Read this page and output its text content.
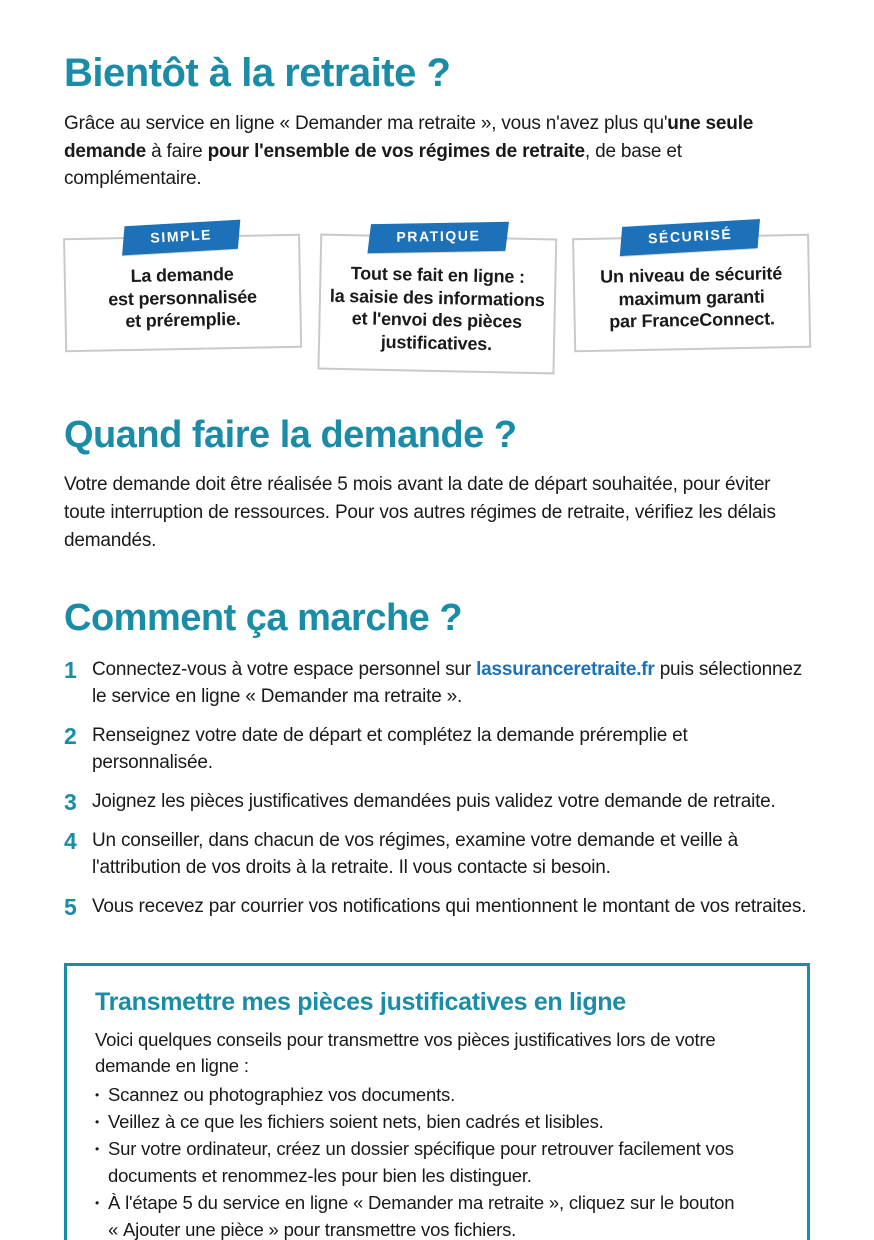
Bientôt à la retraite ?

Grâce au service en ligne « Demander ma retraite », vous n'avez plus qu'une seule demande à faire pour l'ensemble de vos régimes de retraite, de base et complémentaire.

SIMPLE
La demande
est personnalisée
et préremplie.
PRATIQUE
Tout se fait en ligne :
la saisie des informations
et l'envoi des pièces
justificatives.
SÉCURISÉ
Un niveau de sécurité
maximum garanti
par FranceConnect.
Quand faire la demande ?

Votre demande doit être réalisée 5 mois avant la date de départ souhaitée, pour éviter toute interruption de ressources. Pour vos autres régimes de retraite, vérifiez les délais demandés.

Comment ça marche ?
1 Connectez-vous à votre espace personnel sur lassuranceretraite.fr puis sélectionnez le service en ligne « Demander ma retraite ».
2 Renseignez votre date de départ et complétez la demande préremplie et personnalisée.
3 Joignez les pièces justificatives demandées puis validez votre demande de retraite.
4 Un conseiller, dans chacun de vos régimes, examine votre demande et veille à l'attribution de vos droits à la retraite. Il vous contacte si besoin.
5 Vous recevez par courrier vos notifications qui mentionnent le montant de vos retraites.
Transmettre mes pièces justificatives en ligne

Voici quelques conseils pour transmettre vos pièces justificatives lors de votre demande en ligne :

• Scannez ou photographiez vos documents.
• Veillez à ce que les fichiers soient nets, bien cadrés et lisibles.
• Sur votre ordinateur, créez un dossier spécifique pour retrouver facilement vos documents et renommez-les pour bien les distinguer.
• À l'étape 5 du service en ligne « Demander ma retraite », cliquez sur le bouton « Ajouter une pièce » pour transmettre vos fichiers.
